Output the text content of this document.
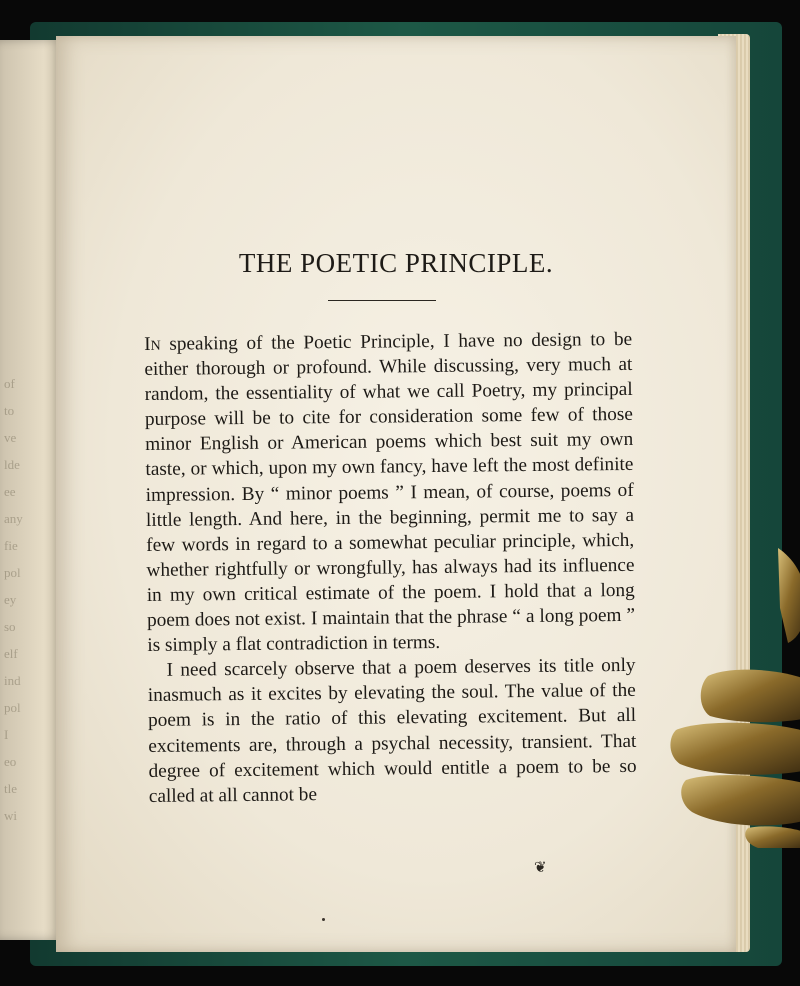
of
to
ve
lde
ee
any
fie
pol
ey
so
elf
ind
pol
I
eo
tle
wi
THE POETIC PRINCIPLE.

In speaking of the Poetic Principle, I have no design to be either thorough or profound. While discussing, very much at random, the essentiality of what we call Poetry, my principal purpose will be to cite for consideration some few of those minor English or American poems which best suit my own taste, or which, upon my own fancy, have left the most definite impression. By “ minor poems ” I mean, of course, poems of little length. And here, in the beginning, permit me to say a few words in regard to a somewhat peculiar principle, which, whether rightfully or wrongfully, has always had its influence in my own critical estimate of the poem. I hold that a long poem does not exist. I maintain that the phrase “ a long poem ” is simply a flat contradiction in terms.

I need scarcely observe that a poem deserves its title only inasmuch as it excites by elevating the soul. The value of the poem is in the ratio of this elevating excitement. But all excitements are, through a psychal necessity, transient. That degree of excitement which would entitle a poem to be so called at all cannot be

❦
